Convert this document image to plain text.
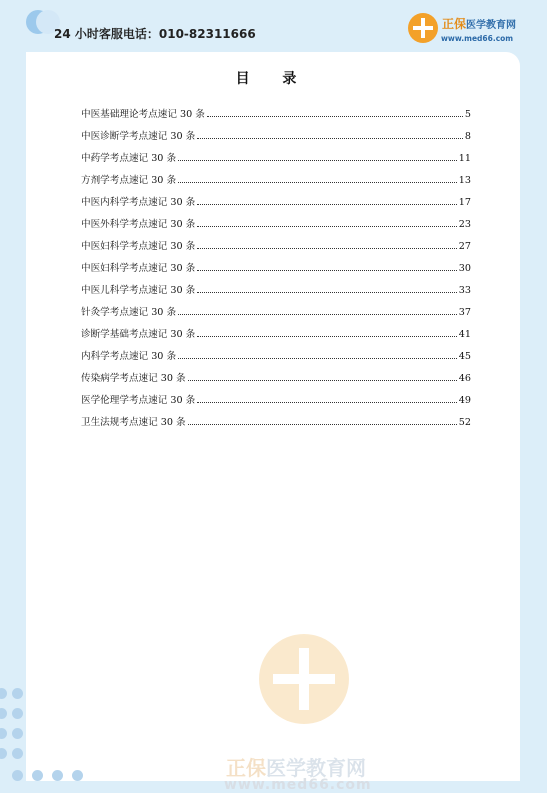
24 小时客服电话：010-82311666
正保医学教育网
www.med66.com
目 录
中医基础理论考点速记 30 条	5
中医诊断学考点速记 30 条	8
中药学考点速记 30 条	11
方剂学考点速记 30 条	13
中医内科学考点速记 30 条	17
中医外科学考点速记 30 条	23
中医妇科学考点速记 30 条	27
中医妇科学考点速记 30 条	30
中医儿科学考点速记 30 条	33
针灸学考点速记 30 条	37
诊断学基础考点速记 30 条	41
内科学考点速记 30 条	45
传染病学考点速记 30 条	46
医学伦理学考点速记 30 条	49
卫生法规考点速记 30 条	52
正保医学教育网
www.med66.com
